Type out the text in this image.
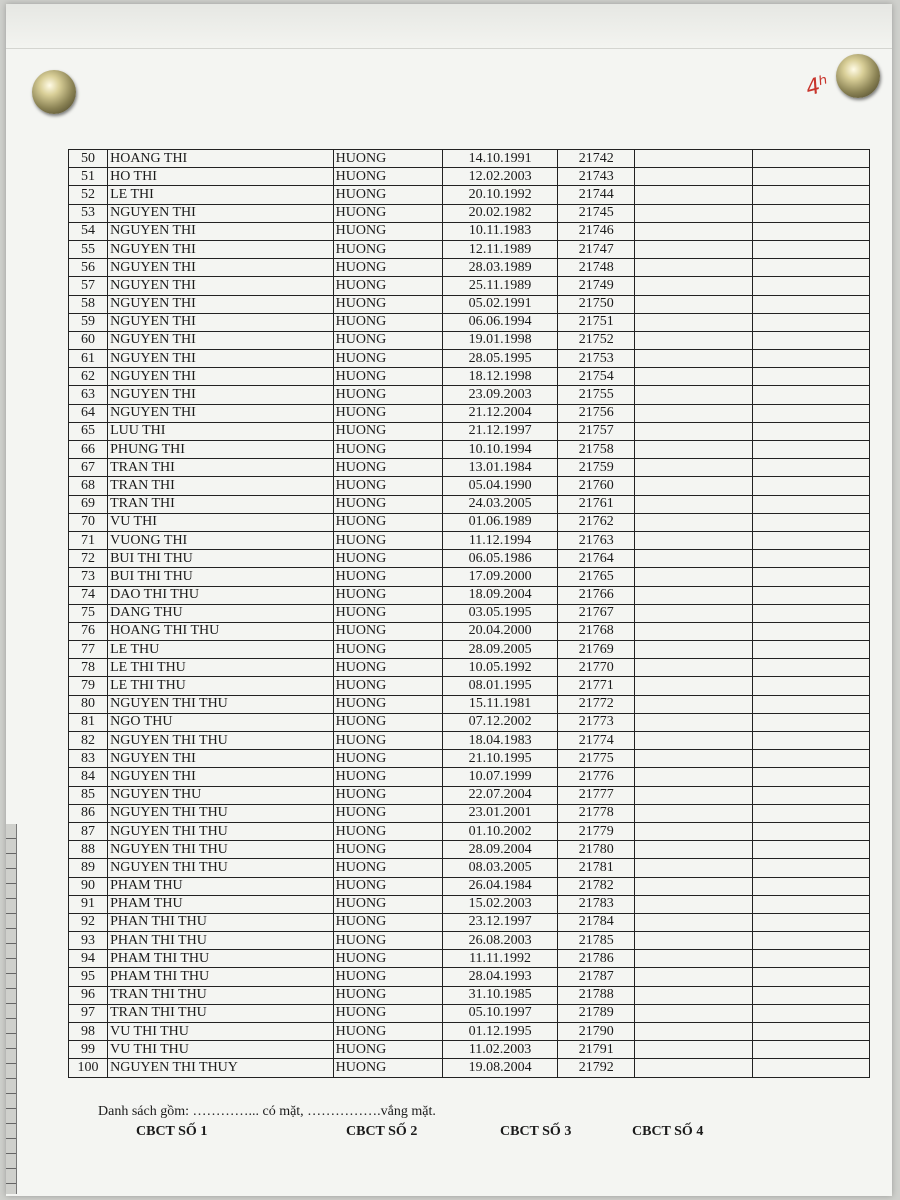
4ʰ
50	HOANG THI	HUONG	14.10.1991	21742		
51	HO THI	HUONG	12.02.2003	21743		
52	LE THI	HUONG	20.10.1992	21744		
53	NGUYEN THI	HUONG	20.02.1982	21745		
54	NGUYEN THI	HUONG	10.11.1983	21746		
55	NGUYEN THI	HUONG	12.11.1989	21747		
56	NGUYEN THI	HUONG	28.03.1989	21748		
57	NGUYEN THI	HUONG	25.11.1989	21749		
58	NGUYEN THI	HUONG	05.02.1991	21750		
59	NGUYEN THI	HUONG	06.06.1994	21751		
60	NGUYEN THI	HUONG	19.01.1998	21752		
61	NGUYEN THI	HUONG	28.05.1995	21753		
62	NGUYEN THI	HUONG	18.12.1998	21754		
63	NGUYEN THI	HUONG	23.09.2003	21755		
64	NGUYEN THI	HUONG	21.12.2004	21756		
65	LUU THI	HUONG	21.12.1997	21757		
66	PHUNG THI	HUONG	10.10.1994	21758		
67	TRAN THI	HUONG	13.01.1984	21759		
68	TRAN THI	HUONG	05.04.1990	21760		
69	TRAN THI	HUONG	24.03.2005	21761		
70	VU THI	HUONG	01.06.1989	21762		
71	VUONG THI	HUONG	11.12.1994	21763		
72	BUI THI THU	HUONG	06.05.1986	21764		
73	BUI THI THU	HUONG	17.09.2000	21765		
74	DAO THI THU	HUONG	18.09.2004	21766		
75	DANG THU	HUONG	03.05.1995	21767		
76	HOANG THI THU	HUONG	20.04.2000	21768		
77	LE THU	HUONG	28.09.2005	21769		
78	LE THI THU	HUONG	10.05.1992	21770		
79	LE THI THU	HUONG	08.01.1995	21771		
80	NGUYEN THI THU	HUONG	15.11.1981	21772		
81	NGO THU	HUONG	07.12.2002	21773		
82	NGUYEN THI THU	HUONG	18.04.1983	21774		
83	NGUYEN THI	HUONG	21.10.1995	21775		
84	NGUYEN THI	HUONG	10.07.1999	21776		
85	NGUYEN THU	HUONG	22.07.2004	21777		
86	NGUYEN THI THU	HUONG	23.01.2001	21778		
87	NGUYEN THI THU	HUONG	01.10.2002	21779		
88	NGUYEN THI THU	HUONG	28.09.2004	21780		
89	NGUYEN THI THU	HUONG	08.03.2005	21781		
90	PHAM THU	HUONG	26.04.1984	21782		
91	PHAM THU	HUONG	15.02.2003	21783		
92	PHAN THI THU	HUONG	23.12.1997	21784		
93	PHAN THI THU	HUONG	26.08.2003	21785		
94	PHAM THI THU	HUONG	11.11.1992	21786		
95	PHAM THI THU	HUONG	28.04.1993	21787		
96	TRAN THI THU	HUONG	31.10.1985	21788		
97	TRAN THI THU	HUONG	05.10.1997	21789		
98	VU THI THU	HUONG	01.12.1995	21790		
99	VU THI THU	HUONG	11.02.2003	21791		
100	NGUYEN THI THUY	HUONG	19.08.2004	21792		
Danh sách gồm: …………... có mặt, …………….vắng mặt.
CBCT SỐ 1	CBCT SỐ 2	CBCT SỐ 3	CBCT SỐ 4
